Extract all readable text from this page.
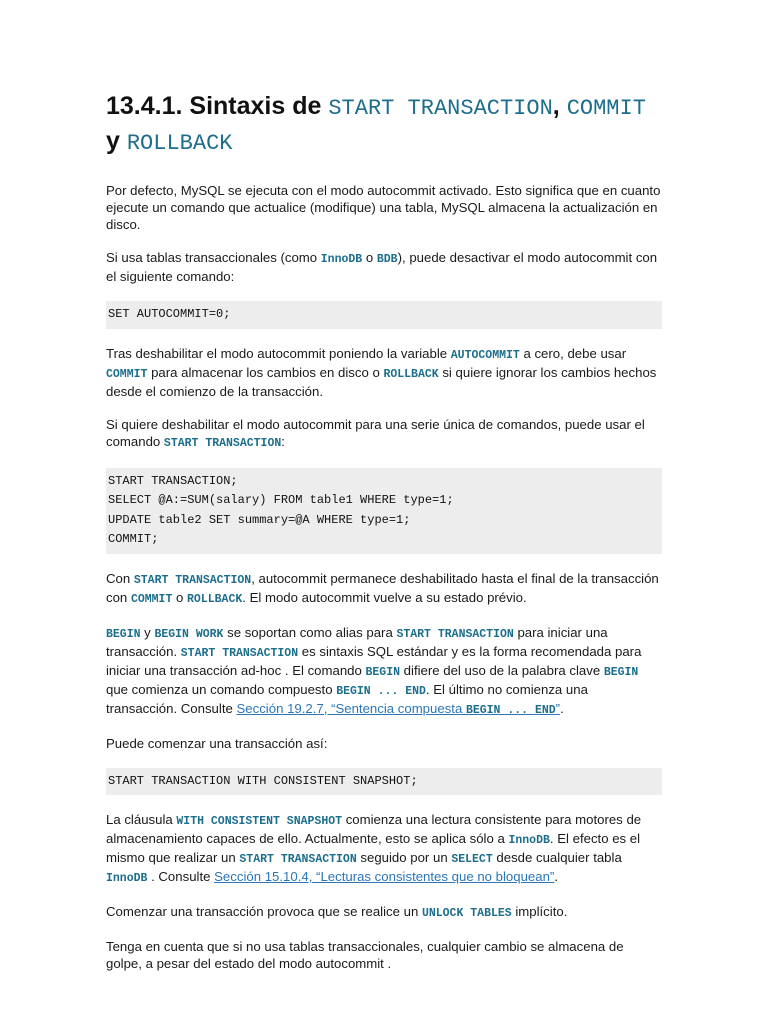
13.4.1. Sintaxis de START TRANSACTION, COMMIT
y ROLLBACK

Por defecto, MySQL se ejecuta con el modo autocommit activado. Esto significa que en cuanto ejecute un comando que actualice (modifique) una tabla, MySQL almacena la actualización en disco.

Si usa tablas transaccionales (como InnoDB o BDB), puede desactivar el modo autocommit con el siguiente comando:

SET AUTOCOMMIT=0;

Tras deshabilitar el modo autocommit poniendo la variable AUTOCOMMIT a cero, debe usar COMMIT para almacenar los cambios en disco o ROLLBACK si quiere ignorar los cambios hechos desde el comienzo de la transacción.

Si quiere deshabilitar el modo autocommit para una serie única de comandos, puede usar el comando START TRANSACTION:

START TRANSACTION;
SELECT @A:=SUM(salary) FROM table1 WHERE type=1;
UPDATE table2 SET summary=@A WHERE type=1;
COMMIT;

Con START TRANSACTION, autocommit permanece deshabilitado hasta el final de la transacción con COMMIT o ROLLBACK. El modo autocommit vuelve a su estado prévio.

BEGIN y BEGIN WORK se soportan como alias para START TRANSACTION para iniciar una transacción. START TRANSACTION es sintaxis SQL estándar y es la forma recomendada para iniciar una transacción ad-hoc . El comando BEGIN difiere del uso de la palabra clave BEGIN que comienza un comando compuesto BEGIN ... END. El último no comienza una transacción. Consulte Sección 19.2.7, “Sentencia compuesta BEGIN ... END”.

Puede comenzar una transacción así:

START TRANSACTION WITH CONSISTENT SNAPSHOT;

La cláusula WITH CONSISTENT SNAPSHOT comienza una lectura consistente para motores de almacenamiento capaces de ello. Actualmente, esto se aplica sólo a InnoDB. El efecto es el mismo que realizar un START TRANSACTION seguido por un SELECT desde cualquier tabla InnoDB . Consulte Sección 15.10.4, “Lecturas consistentes que no bloquean”.

Comenzar una transacción provoca que se realice un UNLOCK TABLES implícito.

Tenga en cuenta que si no usa tablas transaccionales, cualquier cambio se almacena de golpe, a pesar del estado del modo autocommit .
